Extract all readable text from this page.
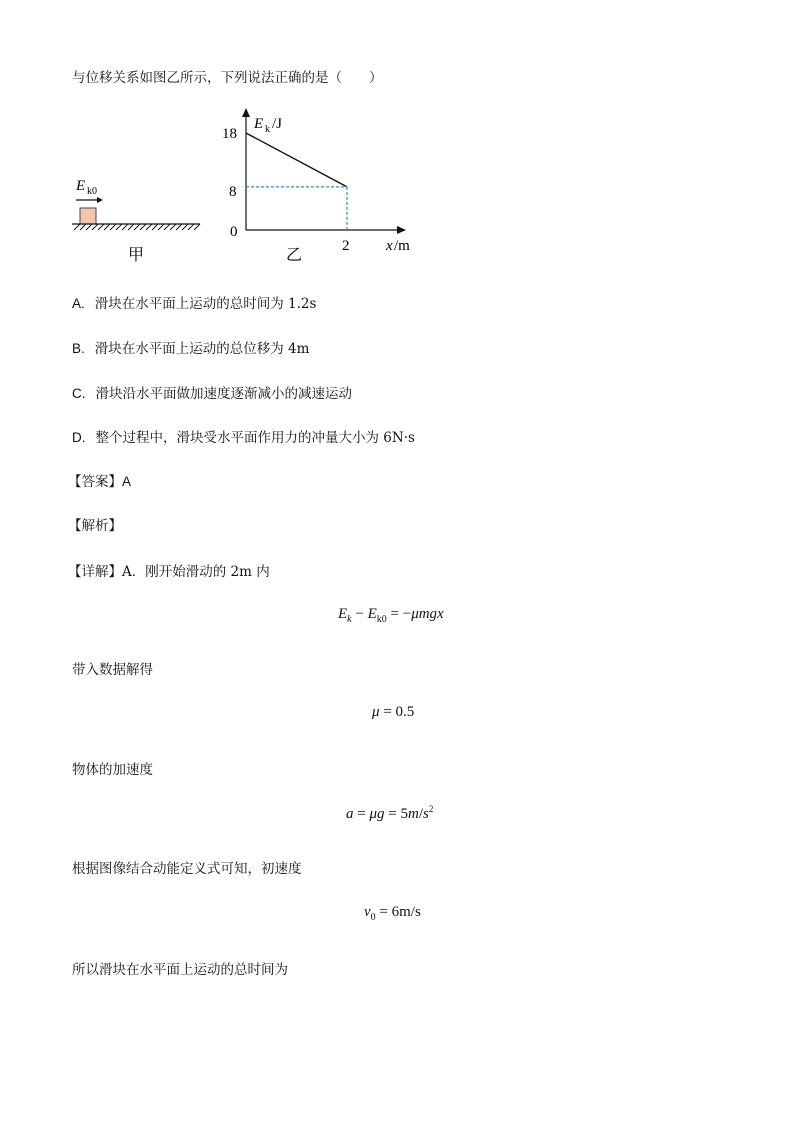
与位移关系如图乙所示，下列说法正确的是（　　）
E k0
甲
E k /J
x /m
18
8
0
2
乙
A. 滑块在水平面上运动的总时间为 1.2s
B. 滑块在水平面上运动的总位移为 4m
C. 滑块沿水平面做加速度逐渐减小的减速运动
D. 整个过程中，滑块受水平面作用力的冲量大小为 6N·s
【答案】A
【解析】
【详解】A．刚开始滑动的 2m 内
$E_k - E_{k0} = -\mu mgx$
带入数据解得
μ = 0.5
物体的加速度
$a = \mu g = 5m/s^2$
根据图像结合动能定义式可知，初速度
$v_0 = 6m/s$
所以滑块在水平面上运动的总时间为
